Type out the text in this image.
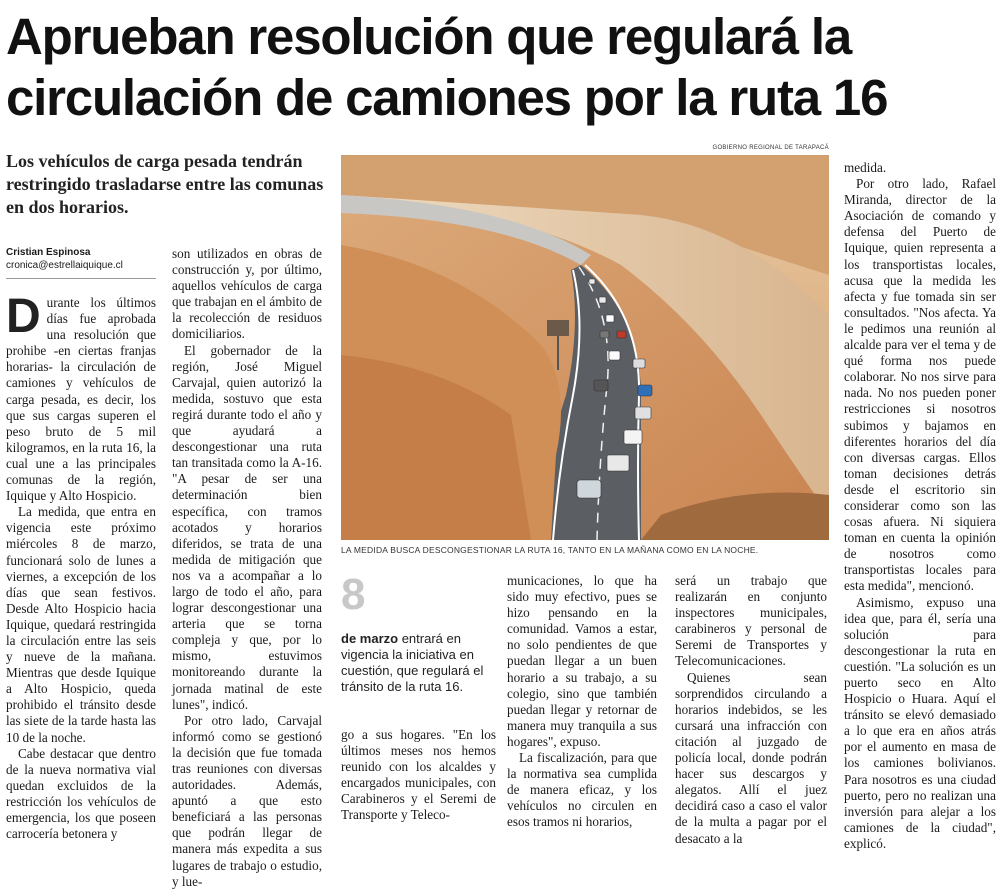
Aprueban resolución que regulará la circulación de camiones por la ruta 16

Los vehículos de carga pesada tendrán restringido trasladarse entre las comunas en dos horarios.

Cristian Espinosa
cronica@estrellaiquique.cl

Durante los últimos días fue aprobada una resolución que prohibe -en ciertas franjas horarias- la circulación de camiones y vehículos de carga pesada, es decir, los que sus cargas superen el peso bruto de 5 mil kilogramos, en la ruta 16, la cual une a las principales comunas de la región, Iquique y Alto Hospicio.

La medida, que entra en vigencia este próximo miércoles 8 de marzo, funcionará solo de lunes a viernes, a excepción de los días que sean festivos. Desde Alto Hospicio hacia Iquique, quedará restringida la circulación entre las seis y nueve de la mañana. Mientras que desde Iquique a Alto Hospicio, queda prohibido el tránsito desde las siete de la tarde hasta las 10 de la noche.

Cabe destacar que dentro de la nueva normativa vial quedan excluidos de la restricción los vehículos de emergencia, los que poseen carrocería betonera y

son utilizados en obras de construcción y, por último, aquellos vehículos de carga que trabajan en el ámbito de la recolección de residuos domiciliarios.

El gobernador de la región, José Miguel Carvajal, quien autorizó la medida, sostuvo que esta regirá durante todo el año y que ayudará a descongestionar una ruta tan transitada como la A-16. "A pesar de ser una determinación bien específica, con tramos acotados y horarios diferidos, se trata de una medida de mitigación que nos va a acompañar a lo largo de todo el año, para lograr descongestionar una arteria que se torna compleja y que, por lo mismo, estuvimos monitoreando durante la jornada matinal de este lunes", indicó.

Por otro lado, Carvajal informó como se gestionó la decisión que fue tomada tras reuniones con diversas autoridades. Además, apuntó a que esto beneficiará a las personas que podrán llegar de manera más expedita a sus lugares de trabajo o estudio, y lue-

GOBIERNO REGIONAL DE TARAPACÁ
LA MEDIDA BUSCA DESCONGESTIONAR LA RUTA 16, TANTO EN LA MAÑANA COMO EN LA NOCHE.
8
de marzo entrará en vigencia la iniciativa en cuestión, que regulará el tránsito de la ruta 16.

go a sus hogares. "En los últimos meses nos hemos reunido con los alcaldes y encargados municipales, con Carabineros y el Seremi de Transporte y Teleco-

municaciones, lo que ha sido muy efectivo, pues se hizo pensando en la comunidad. Vamos a estar, no solo pendientes de que puedan llegar a un buen horario a su trabajo, a su colegio, sino que también puedan llegar y retornar de manera muy tranquila a sus hogares", expuso.

La fiscalización, para que la normativa sea cumplida de manera eficaz, y los vehículos no circulen en esos tramos ni horarios,

será un trabajo que realizarán en conjunto inspectores municipales, carabineros y personal de Seremi de Transportes y Telecomunicaciones.

Quienes sean sorprendidos circulando a horarios indebidos, se les cursará una infracción con citación al juzgado de policía local, donde podrán hacer sus descargos y alegatos. Allí el juez decidirá caso a caso el valor de la multa a pagar por el desacato a la

medida.

Por otro lado, Rafael Miranda, director de la Asociación de comando y defensa del Puerto de Iquique, quien representa a los transportistas locales, acusa que la medida les afecta y fue tomada sin ser consultados. "Nos afecta. Ya le pedimos una reunión al alcalde para ver el tema y de qué forma nos puede colaborar. No nos sirve para nada. No nos pueden poner restricciones si nosotros subimos y bajamos en diferentes horarios del día con diversas cargas. Ellos toman decisiones detrás desde el escritorio sin considerar como son las cosas afuera. Ni siquiera toman en cuenta la opinión de nosotros como transportistas locales para esta medida", mencionó.

Asimismo, expuso una idea que, para él, sería una solución para descongestionar la ruta en cuestión. "La solución es un puerto seco en Alto Hospicio o Huara. Aquí el tránsito se elevó demasiado a lo que era en años atrás por el aumento en masa de los camiones bolivianos. Para nosotros es una ciudad puerto, pero no realizan una inversión para alejar a los camiones de la ciudad", explicó.
